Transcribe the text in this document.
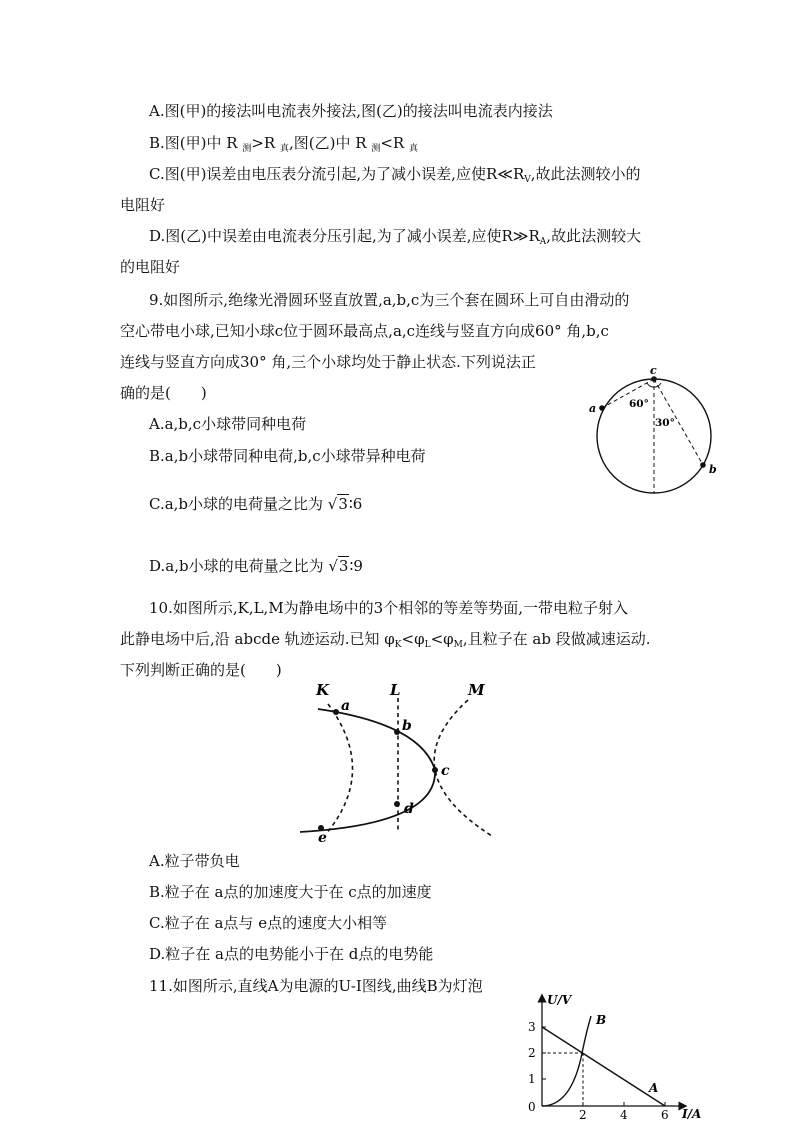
A.图(甲)的接法叫电流表外接法,图(乙)的接法叫电流表内接法
B.图(甲)中 R $_测$>R $_真$,图(乙)中 R $_测$<R $_真$
C.图(甲)误差由电压表分流引起,为了减小误差,应使$R≪R_V$,故此法测较小的
电阻好
D.图(乙)中误差由电流表分压引起,为了减小误差,应使$R≫R_A$,故此法测较大
的电阻好
9.如图所示,绝缘光滑圆环竖直放置,a,b,c为三个套在圆环上可自由滑动的
空心带电小球,已知小球c位于圆环最高点,a,c连线与竖直方向成60° 角,b,c
连线与竖直方向成30° 角,三个小球均处于静止状态.下列说法正
确的是(　　)
A.a,b,c小球带同种电荷
B.a,b小球带同种电荷,b,c小球带异种电荷
C.a,b小球的电荷量之比为 √3∶6
D.a,b小球的电荷量之比为 √3∶9
c
a
b
60°
30°
10.如图所示,K,L,M为静电场中的3个相邻的等差等势面,一带电粒子射入
此静电场中后,沿 abcde 轨迹运动.已知 $\varphi_K<\varphi_L<\varphi_M$,且粒子在 ab 段做减速运动.
下列判断正确的是(　　)
K	L	M
a
b
c
d
e
A.粒子带负电
B.粒子在 a点的加速度大于在 c点的加速度
C.粒子在 a点与 e点的速度大小相等
D.粒子在 a点的电势能小于在 d点的电势能
11.如图所示,直线A为电源的U-I图线,曲线B为灯泡
U/V
I/A
0
1
2
3
2	4	6
A
B
